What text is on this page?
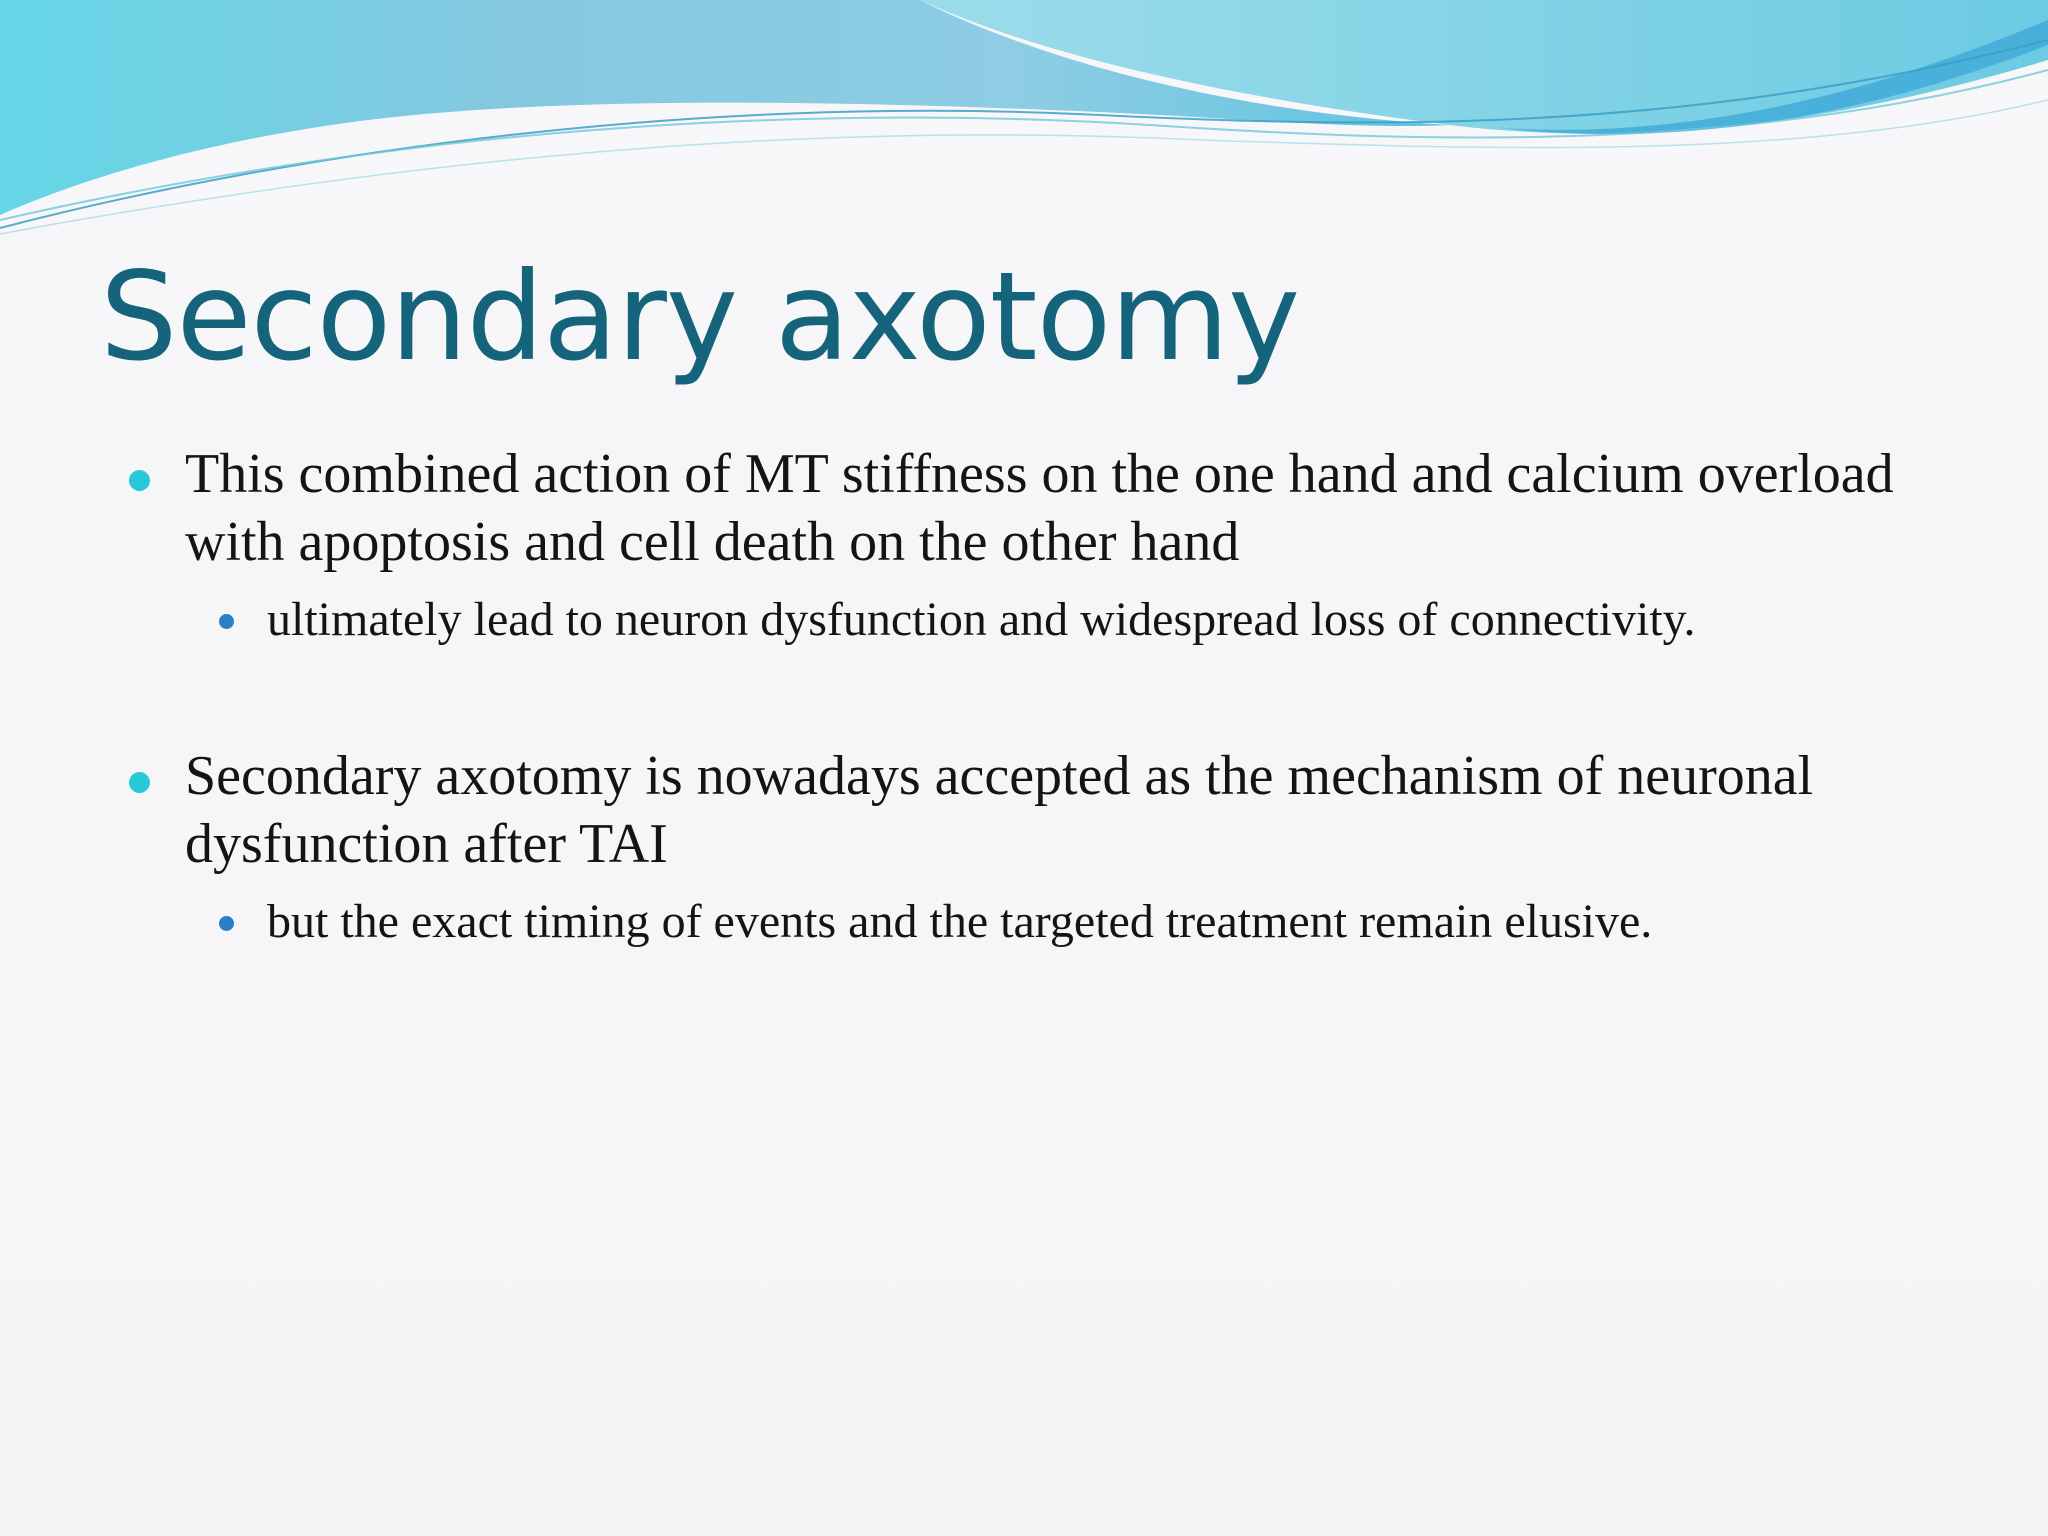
Secondary axotomy
This combined action of MT stiffness on the one hand and calcium overload with apoptosis and cell death on the other hand
ultimately lead to neuron dysfunction and widespread loss of connectivity.
Secondary axotomy is nowadays accepted as the mechanism of neuronal dysfunction after TAI
but the exact timing of events and the targeted treatment remain elusive.
